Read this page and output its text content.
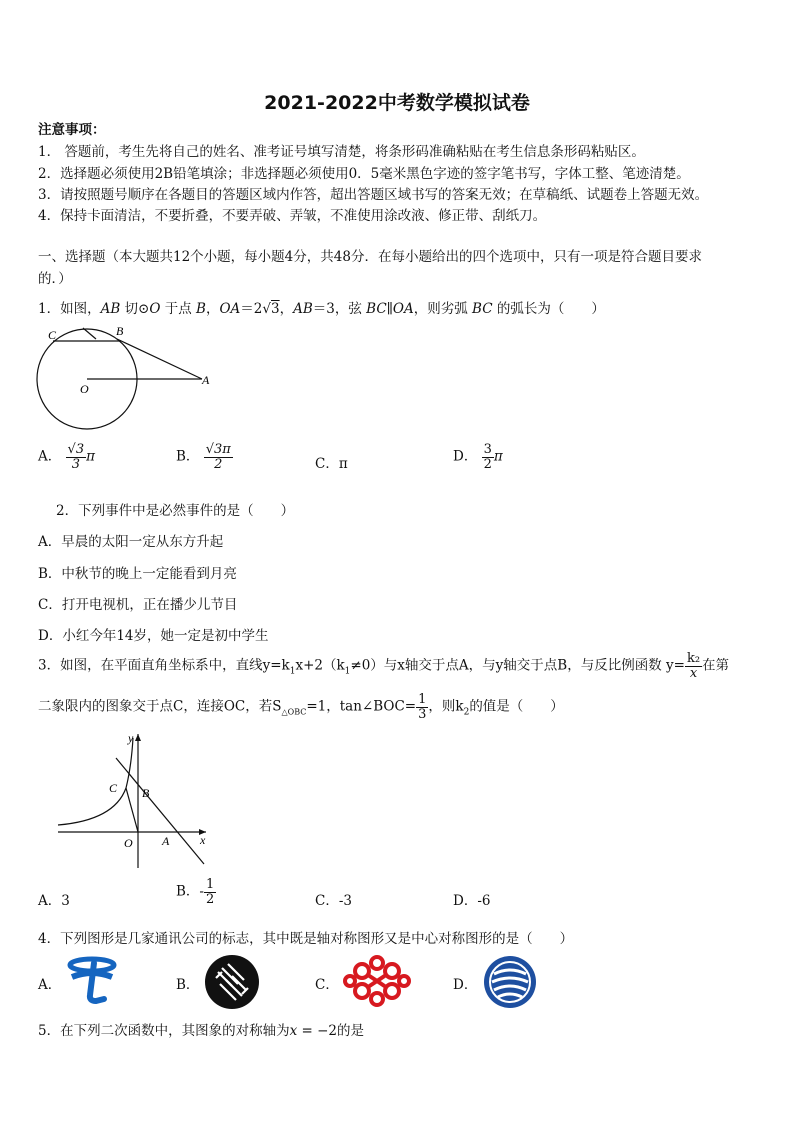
2021-2022中考数学模拟试卷
注意事项：
1． 答题前，考生先将自己的姓名、准考证号填写清楚，将条形码准确粘贴在考生信息条形码粘贴区。
2．选择题必须使用2B铅笔填涂；非选择题必须使用0．5毫米黑色字迹的签字笔书写，字体工整、笔迹清楚。
3．请按照题号顺序在各题目的答题区域内作答，超出答题区域书写的答案无效；在草稿纸、试题卷上答题无效。
4．保持卡面清洁，不要折叠，不要弄破、弄皱，不准使用涂改液、修正带、刮纸刀。
一、选择题（本大题共12个小题，每小题4分，共48分．在每小题给出的四个选项中，只有一项是符合题目要求
的．）
1．如图，AB 切⊙O 于点 B，OA＝2√3，AB＝3，弦 BC∥OA，则劣弧 BC 的弧长为（　　）
C	B
O
A
A． $\frac{√3}{3}$ π	B． $\frac{√3\pi}{2}$	C．π	D． $\frac{3}{2}$ π
2．下列事件中是必然事件的是（　　）
A．早晨的太阳一定从东方升起
B．中秋节的晚上一定能看到月亮
C．打开电视机，正在播少儿节目
D．小红今年14岁，她一定是初中学生
3．如图，在平面直角坐标系中，直线$y=k_1x+2(k_1\ne 0)$与x轴交于点A，与y轴交于点B，与反比例函数 $y= \frac{\text{k₂}}{x}$ 在第
二象限内的图象交于点C，连接OC，若$S_{\triangle OBC}=1$，tan∠BOC= $\frac{1}{3}$ ，则$k_2$的值是（　　）
y
x
C B
O A
A．3
B．- $\frac{1}{2}$	C．-3	D．-6
4．下列图形是几家通讯公司的标志，其中既是轴对称图形又是中心对称图形的是（　　）
A．	B．	C．	D．
5．在下列二次函数中，其图象的对称轴为x = −2的是
